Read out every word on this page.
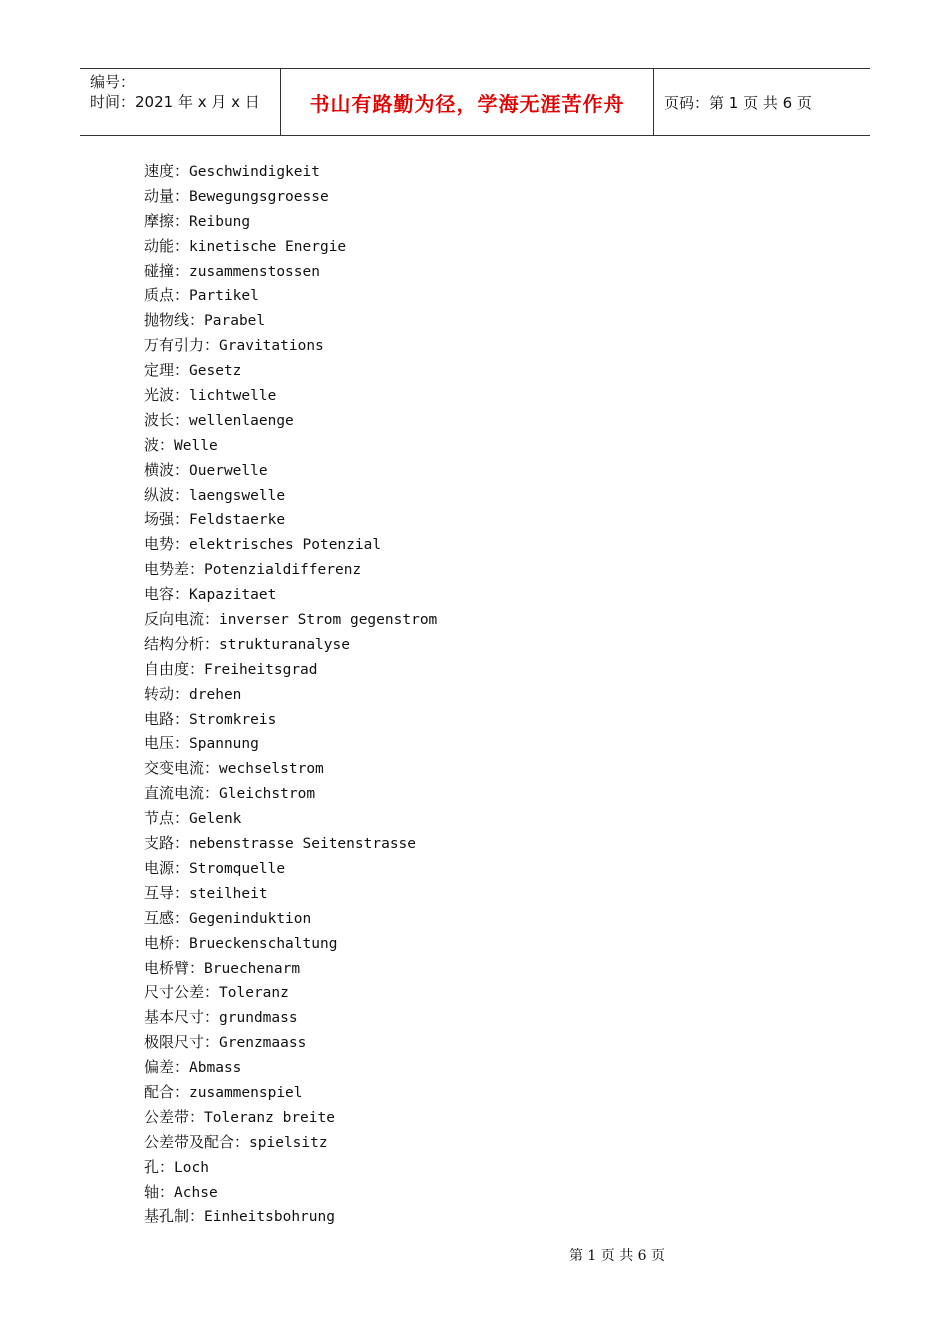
编号：
时间：2021 年 x 月 x 日	书山有路勤为径，学海无涯苦作舟	页码：第 1 页 共 6 页
速度：Geschwindigkeit
动量：Bewegungsgroesse
摩擦：Reibung
动能：kinetische Energie
碰撞：zusammenstossen
质点：Partikel
抛物线：Parabel
万有引力：Gravitations
定理：Gesetz
光波：lichtwelle
波长：wellenlaenge
波：Welle
横波：Ouerwelle
纵波：laengswelle
场强：Feldstaerke
电势：elektrisches Potenzial
电势差：Potenzialdifferenz
电容：Kapazitaet
反向电流：inverser Strom gegenstrom
结构分析：strukturanalyse
自由度：Freiheitsgrad
转动：drehen
电路：Stromkreis
电压：Spannung
交变电流：wechselstrom
直流电流：Gleichstrom
节点：Gelenk
支路：nebenstrasse Seitenstrasse
电源：Stromquelle
互导：steilheit
互感：Gegeninduktion
电桥：Brueckenschaltung
电桥臂：Bruechenarm
尺寸公差：Toleranz
基本尺寸：grundmass
极限尺寸：Grenzmaass
偏差：Abmass
配合：zusammenspiel
公差带：Toleranz breite
公差带及配合：spielsitz
孔：Loch
轴：Achse
基孔制：Einheitsbohrung
第 1 页 共 6 页
